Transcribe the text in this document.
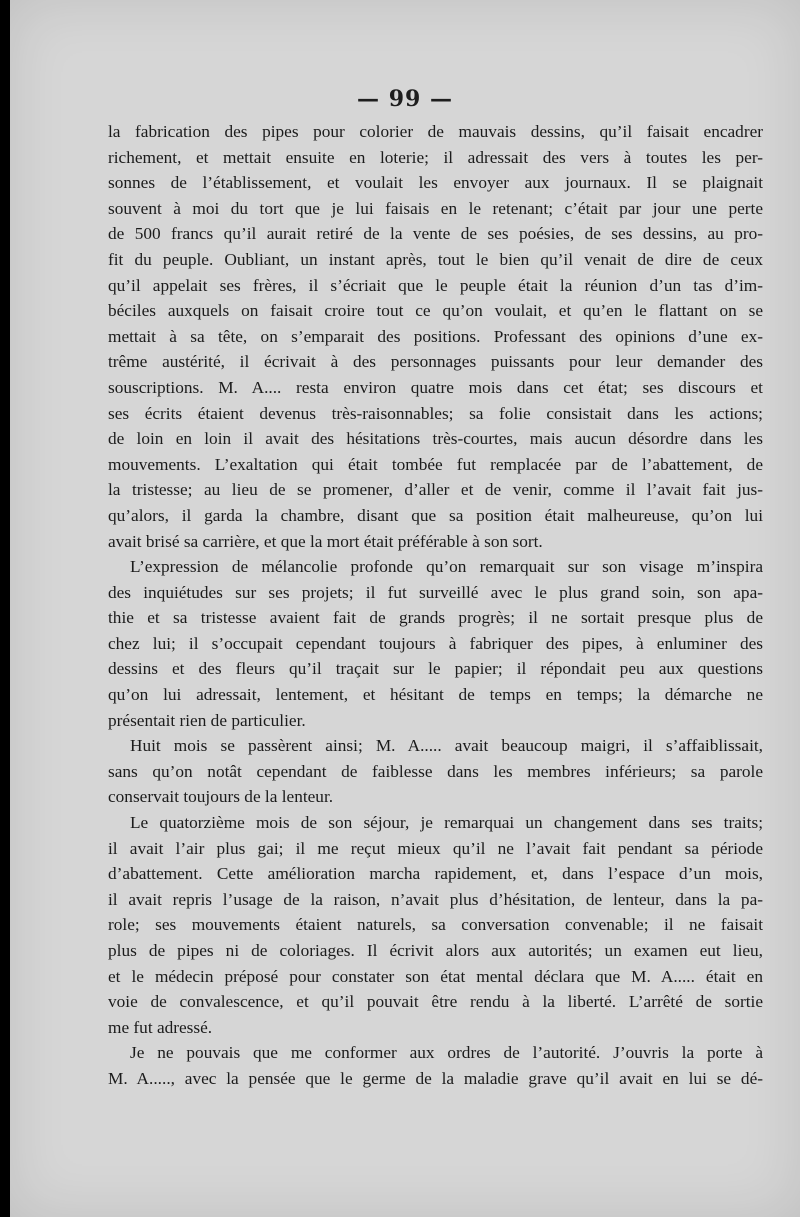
— 99 —
la fabrication des pipes pour colorier de mauvais dessins, qu’il faisait encadrer
richement, et mettait ensuite en loterie; il adressait des vers à toutes les per-
sonnes de l’établissement, et voulait les envoyer aux journaux. Il se plaignait
souvent à moi du tort que je lui faisais en le retenant; c’était par jour une perte
de 500 francs qu’il aurait retiré de la vente de ses poésies, de ses dessins, au pro-
fit du peuple. Oubliant, un instant après, tout le bien qu’il venait de dire de ceux
qu’il appelait ses frères, il s’écriait que le peuple était la réunion d’un tas d’im-
béciles auxquels on faisait croire tout ce qu’on voulait, et qu’en le flattant on se
mettait à sa tête, on s’emparait des positions. Professant des opinions d’une ex-
trême austérité, il écrivait à des personnages puissants pour leur demander des
souscriptions. M. A.... resta environ quatre mois dans cet état; ses discours et
ses écrits étaient devenus très-raisonnables; sa folie consistait dans les actions;
de loin en loin il avait des hésitations très-courtes, mais aucun désordre dans les
mouvements. L’exaltation qui était tombée fut remplacée par de l’abattement, de
la tristesse; au lieu de se promener, d’aller et de venir, comme il l’avait fait jus-
qu’alors, il garda la chambre, disant que sa position était malheureuse, qu’on lui
avait brisé sa carrière, et que la mort était préférable à son sort.
L’expression de mélancolie profonde qu’on remarquait sur son visage m’inspira
des inquiétudes sur ses projets; il fut surveillé avec le plus grand soin, son apa-
thie et sa tristesse avaient fait de grands progrès; il ne sortait presque plus de
chez lui; il s’occupait cependant toujours à fabriquer des pipes, à enluminer des
dessins et des fleurs qu’il traçait sur le papier; il répondait peu aux questions
qu’on lui adressait, lentement, et hésitant de temps en temps; la démarche ne
présentait rien de particulier.
Huit mois se passèrent ainsi; M. A..... avait beaucoup maigri, il s’affaiblissait,
sans qu’on notât cependant de faiblesse dans les membres inférieurs; sa parole
conservait toujours de la lenteur.
Le quatorzième mois de son séjour, je remarquai un changement dans ses traits;
il avait l’air plus gai; il me reçut mieux qu’il ne l’avait fait pendant sa période
d’abattement. Cette amélioration marcha rapidement, et, dans l’espace d’un mois,
il avait repris l’usage de la raison, n’avait plus d’hésitation, de lenteur, dans la pa-
role; ses mouvements étaient naturels, sa conversation convenable; il ne faisait
plus de pipes ni de coloriages. Il écrivit alors aux autorités; un examen eut lieu,
et le médecin préposé pour constater son état mental déclara que M. A..... était en
voie de convalescence, et qu’il pouvait être rendu à la liberté. L’arrêté de sortie
me fut adressé.
Je ne pouvais que me conformer aux ordres de l’autorité. J’ouvris la porte à
M. A....., avec la pensée que le germe de la maladie grave qu’il avait en lui se dé-
